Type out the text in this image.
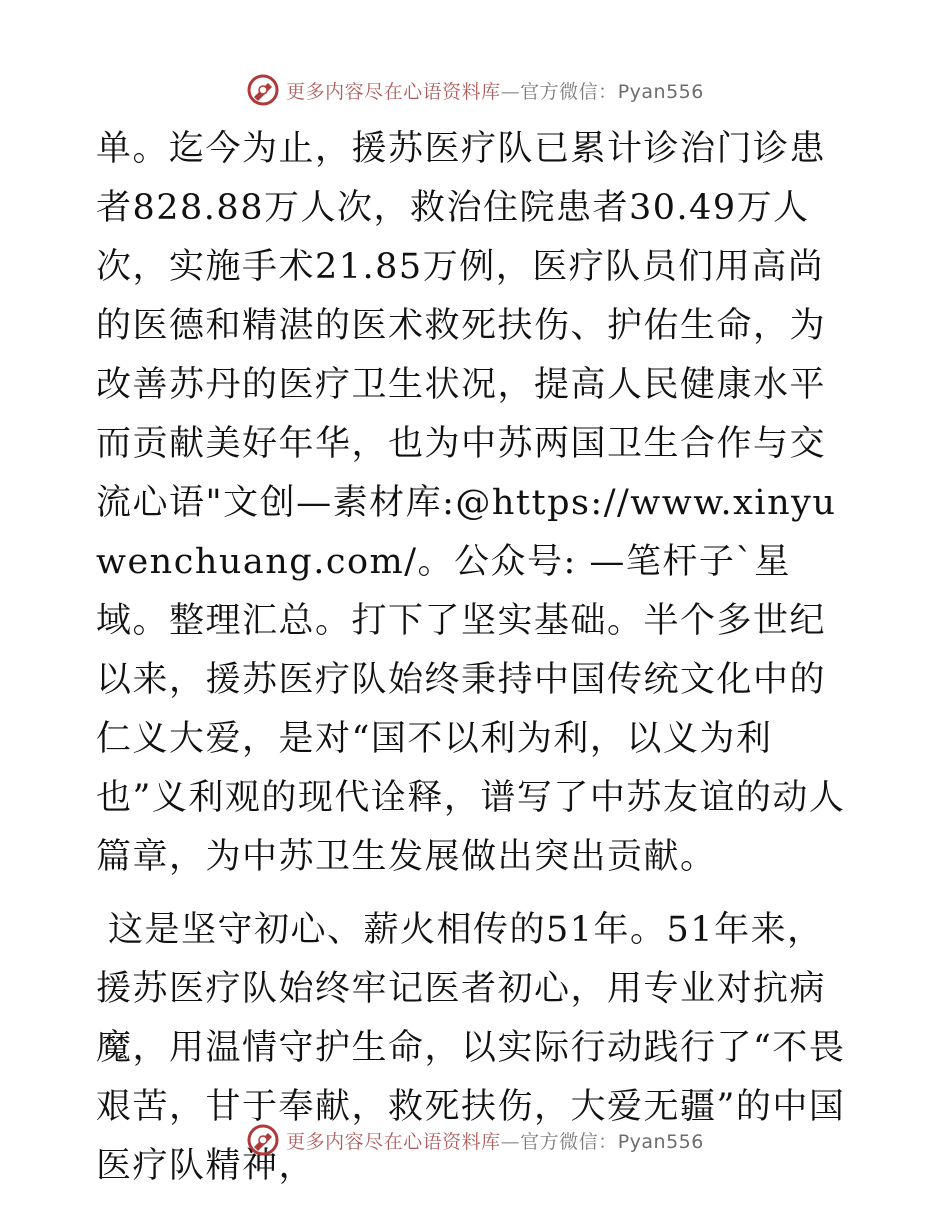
更多内容尽在心语资料库—官方微信：Pyan556

单。迄今为止，援苏医疗队已累计诊治门诊患者828.88万人次，救治住院患者30.49万人次，实施手术21.85万例，医疗队员们用高尚的医德和精湛的医术救死扶伤、护佑生命，为改善苏丹的医疗卫生状况，提高人民健康水平而贡献美好年华，也为中苏两国卫生合作与交流心语"文创—素材库:@https://www.xinyuwenchuang.com/。公众号: —笔杆子`星域。整理汇总。打下了坚实基础。半个多世纪以来，援苏医疗队始终秉持中国传统文化中的仁义大爱，是对“国不以利为利，以义为利也”义利观的现代诠释，谱写了中苏友谊的动人篇章，为中苏卫生发展做出突出贡献。

这是坚守初心、薪火相传的51年。51年来，援苏医疗队始终牢记医者初心，用专业对抗病魔，用温情守护生命，以实际行动践行了“不畏艰苦，甘于奉献，救死扶伤，大爱无疆”的中国医疗队精神，

更多内容尽在心语资料库—官方微信：Pyan556
